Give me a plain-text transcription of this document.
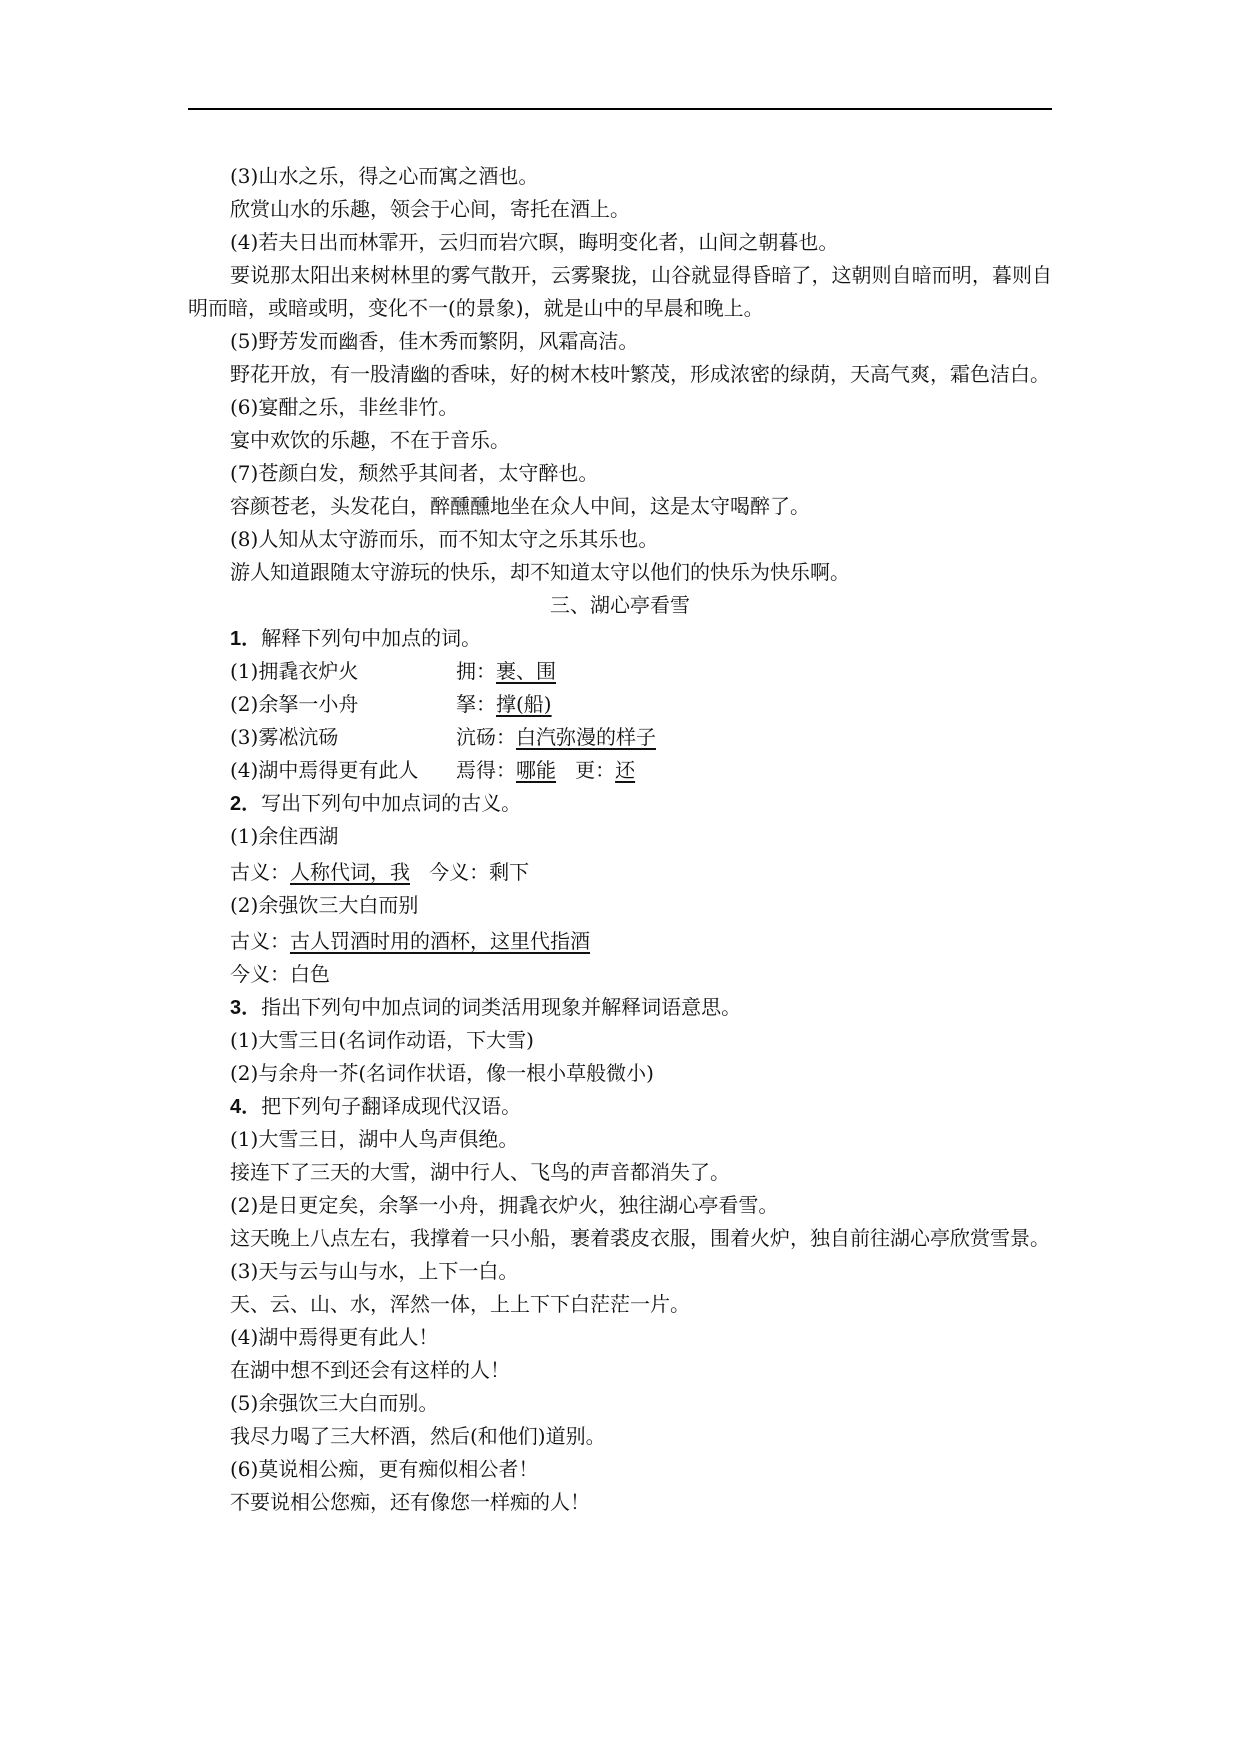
(3)山水之乐，得之心而寓之酒也。
欣赏山水的乐趣，领会于心间，寄托在酒上。
(4)若夫日出而林霏开，云归而岩穴暝，晦明变化者，山间之朝暮也。
要说那太阳出来树林里的雾气散开，云雾聚拢，山谷就显得昏暗了，这朝则自暗而明，暮则自明而暗，或暗或明，变化不一(的景象)，就是山中的早晨和晚上。
(5)野芳发而幽香，佳木秀而繁阴，风霜高洁。
野花开放，有一股清幽的香味，好的树木枝叶繁茂，形成浓密的绿荫，天高气爽，霜色洁白。
(6)宴酣之乐，非丝非竹。
宴中欢饮的乐趣，不在于音乐。
(7)苍颜白发，颓然乎其间者，太守醉也。
容颜苍老，头发花白，醉醺醺地坐在众人中间，这是太守喝醉了。
(8)人知从太守游而乐，而不知太守之乐其乐也。
游人知道跟随太守游玩的快乐，却不知道太守以他们的快乐为快乐啊。
三、湖心亭看雪
1．解释下列句中加点的词。
(1)拥毳衣炉火	拥：裹、围
(2)余拏一小舟	拏：撑(船)
(3)雾凇沆砀	沆砀：白汽弥漫的样子
(4)湖中焉得更有此人 焉得：哪能 更：还
2．写出下列句中加点词的古义。
(1)余住西湖
古义：人称代词，我 今义：剩下
(2)余强饮三大白而别
古义：古人罚酒时用的酒杯，这里代指酒
今义：白色
3．指出下列句中加点词的词类活用现象并解释词语意思。
(1)大雪三日(名词作动语，下大雪)
(2)与余舟一芥(名词作状语，像一根小草般微小)
4．把下列句子翻译成现代汉语。
(1)大雪三日，湖中人鸟声俱绝。
接连下了三天的大雪，湖中行人、飞鸟的声音都消失了。
(2)是日更定矣，余拏一小舟，拥毳衣炉火，独往湖心亭看雪。
这天晚上八点左右，我撑着一只小船，裹着裘皮衣服，围着火炉，独自前往湖心亭欣赏雪景。
(3)天与云与山与水，上下一白。
天、云、山、水，浑然一体，上上下下白茫茫一片。
(4)湖中焉得更有此人！
在湖中想不到还会有这样的人！
(5)余强饮三大白而别。
我尽力喝了三大杯酒，然后(和他们)道别。
(6)莫说相公痴，更有痴似相公者！
不要说相公您痴，还有像您一样痴的人！
